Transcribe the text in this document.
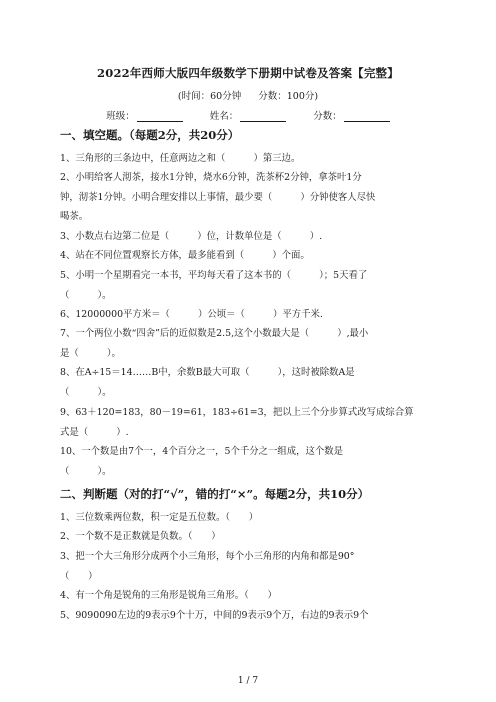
2022年西师大版四年级数学下册期中试卷及答案【完整】
(时间：60分钟 分数：100分)
班级：	姓名：	分数：
一、填空题。（每题2分，共20分）
1、三角形的三条边中，任意两边之和（　　　）第三边。
2、小明给客人沏茶，接水1分钟，烧水6分钟，洗茶杯2分钟，拿茶叶1分
钟，沏茶1分钟。小明合理安排以上事情，最少要（　　　）分钟使客人尽快
喝茶。
3、小数点右边第二位是（　　　）位，计数单位是（　　　）.
4、站在不同位置观察长方体，最多能看到（　　　）个面。
5、小明一个星期看完一本书，平均每天看了这本书的（　　　）；5天看了
（　　　）。
6、12000000平方米＝（　　　）公顷＝（　　　）平方千米.
7、一个两位小数“四舍”后的近似数是2.5,这个小数最大是（　　　）,最小
是（　　　）。
8、在A÷15＝14……B中，余数B最大可取（　　　），这时被除数A是
（　　　）。
9、63＋120=183，80－19=61，183÷61=3，把以上三个分步算式改写成综合算
式是（　　　）.
10、一个数是由7个一，4个百分之一，5个千分之一组成，这个数是
（　　　）。
二、判断题（对的打“√”，错的打“×”。每题2分，共10分）
1、三位数乘两位数，积一定是五位数。（　　）
2、一个数不是正数就是负数。（　　）
3、把一个大三角形分成两个小三角形，每个小三角形的内角和都是90°
（　　）
4、有一个角是锐角的三角形是锐角三角形。（　　）
5、9090090左边的9表示9个十万，中间的9表示9个万，右边的9表示9个
1 / 7
